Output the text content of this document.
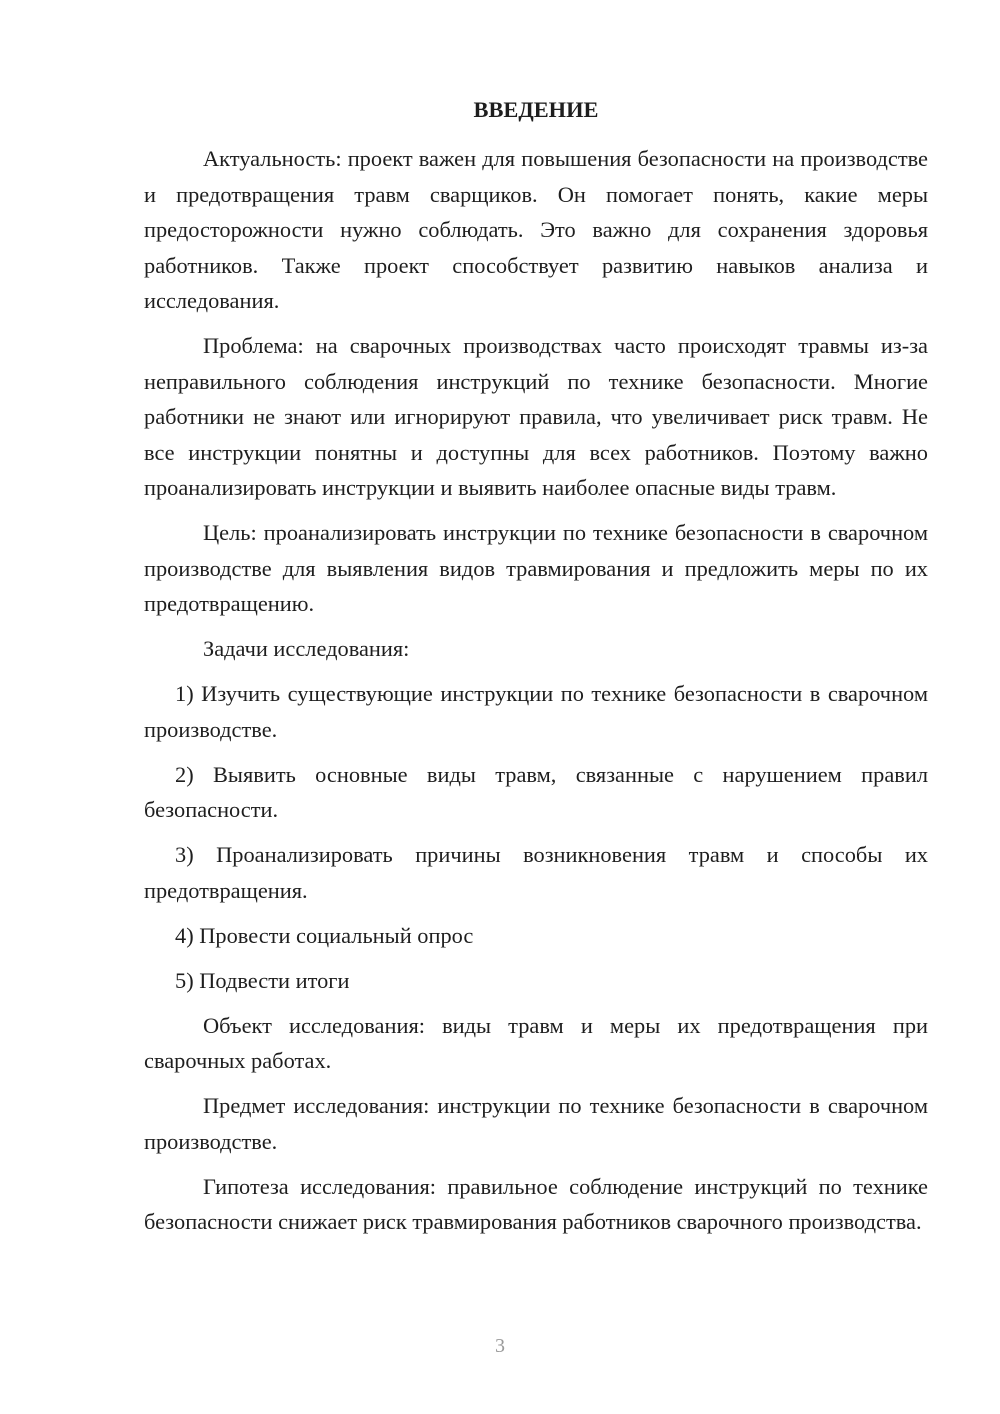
ВВЕДЕНИЕ

Актуальность: проект важен для повышения безопасности на производстве и предотвращения травм сварщиков. Он помогает понять, какие меры предосторожности нужно соблюдать. Это важно для сохранения здоровья работников. Также проект способствует развитию навыков анализа и исследования.

Проблема: на сварочных производствах часто происходят травмы из-за неправильного соблюдения инструкций по технике безопасности. Многие работники не знают или игнорируют правила, что увеличивает риск травм. Не все инструкции понятны и доступны для всех работников. Поэтому важно проанализировать инструкции и выявить наиболее опасные виды травм.

Цель: проанализировать инструкции по технике безопасности в сварочном производстве для выявления видов травмирования и предложить меры по их предотвращению.

Задачи исследования:

1) Изучить существующие инструкции по технике безопасности в сварочном производстве.

2) Выявить основные виды травм, связанные с нарушением правил безопасности.

3) Проанализировать причины возникновения травм и способы их предотвращения.

4) Провести социальный опрос

5) Подвести итоги

Объект исследования: виды травм и меры их предотвращения при сварочных работах.

Предмет исследования: инструкции по технике безопасности в сварочном производстве.

Гипотеза исследования: правильное соблюдение инструкций по технике безопасности снижает риск травмирования работников сварочного производства.

3
